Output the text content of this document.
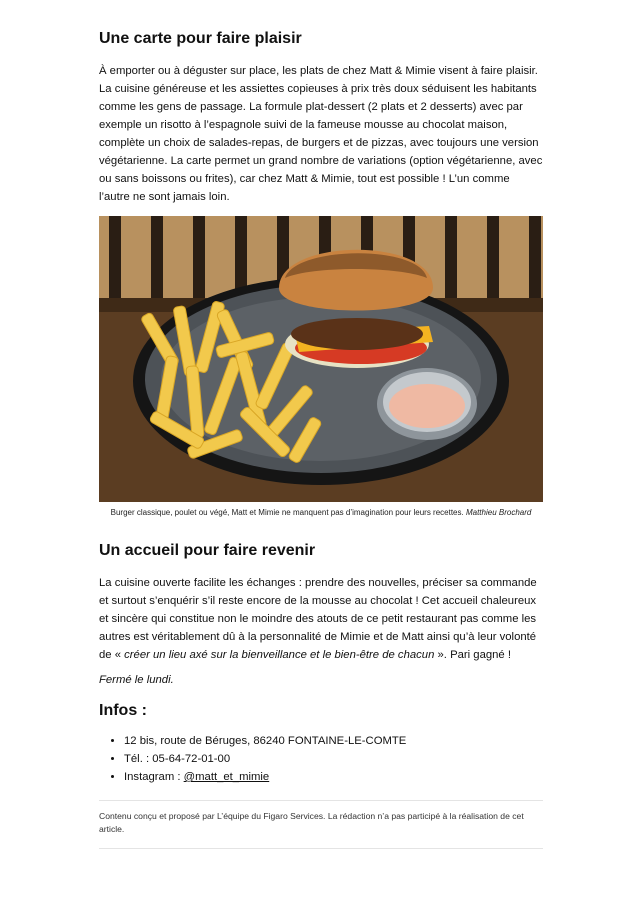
Une carte pour faire plaisir

À emporter ou à déguster sur place, les plats de chez Matt & Mimie visent à faire plaisir. La cuisine généreuse et les assiettes copieuses à prix très doux séduisent les habitants comme les gens de passage. La formule plat-dessert (2 plats et 2 desserts) avec par exemple un risotto à l’espagnole suivi de la fameuse mousse au chocolat maison, complète un choix de salades-repas, de burgers et de pizzas, avec toujours une version végétarienne. La carte permet un grand nombre de variations (option végétarienne, avec ou sans boissons ou frites), car chez Matt & Mimie, tout est possible ! L’un comme l’autre ne sont jamais loin.

Burger classique, poulet ou végé, Matt et Mimie ne manquent pas d’imagination pour leurs recettes. Matthieu Brochard
Un accueil pour faire revenir

La cuisine ouverte facilite les échanges : prendre des nouvelles, préciser sa commande et surtout s’enquérir s’il reste encore de la mousse au chocolat ! Cet accueil chaleureux et sincère qui constitue non le moindre des atouts de ce petit restaurant pas comme les autres est véritablement dû à la personnalité de Mimie et de Matt ainsi qu’à leur volonté de « créer un lieu axé sur la bienveillance et le bien-être de chacun ». Pari gagné !

Fermé le lundi.

Infos :
• 12 bis, route de Béruges, 86240 FONTAINE-LE-COMTE
• Tél. : 05-64-72-01-00
• Instagram : @matt_et_mimie

Contenu conçu et proposé par L’équipe du Figaro Services. La rédaction n’a pas participé à la réalisation de cet article.
